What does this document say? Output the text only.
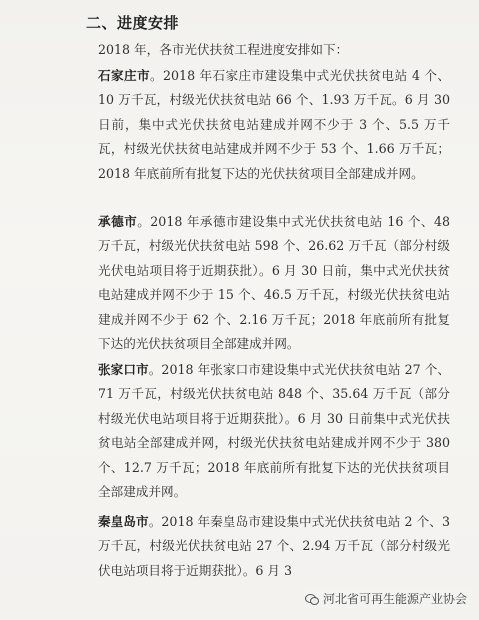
二、进度安排

2018 年，各市光伏扶贫工程进度安排如下：

石家庄市。2018 年石家庄市建设集中式光伏扶贫电站 4 个、10 万千瓦，村级光伏扶贫电站 66 个、1.93 万千瓦。6 月 30 日前，集中式光伏扶贫电站建成并网不少于 3 个、5.5 万千瓦，村级光伏扶贫电站建成并网不少于 53 个、1.66 万千瓦；2018 年底前所有批复下达的光伏扶贫项目全部建成并网。

承德市。2018 年承德市建设集中式光伏扶贫电站 16 个、48 万千瓦，村级光伏扶贫电站 598 个、26.62 万千瓦（部分村级光伏电站项目将于近期获批）。6 月 30 日前，集中式光伏扶贫电站建成并网不少于 15 个、46.5 万千瓦，村级光伏扶贫电站建成并网不少于 62 个、2.16 万千瓦；2018 年底前所有批复下达的光伏扶贫项目全部建成并网。

张家口市。2018 年张家口市建设集中式光伏扶贫电站 27 个、71 万千瓦，村级光伏扶贫电站 848 个、35.64 万千瓦（部分村级光伏电站项目将于近期获批）。6 月 30 日前集中式光伏扶贫电站全部建成并网，村级光伏扶贫电站建成并网不少于 380 个、12.7 万千瓦；2018 年底前所有批复下达的光伏扶贫项目全部建成并网。

秦皇岛市。2018 年秦皇岛市建设集中式光伏扶贫电站 2 个、3 万千瓦，村级光伏扶贫电站 27 个、2.94 万千瓦（部分村级光伏电站项目将于近期获批）。6 月 3

河北省可再生能源产业协会
